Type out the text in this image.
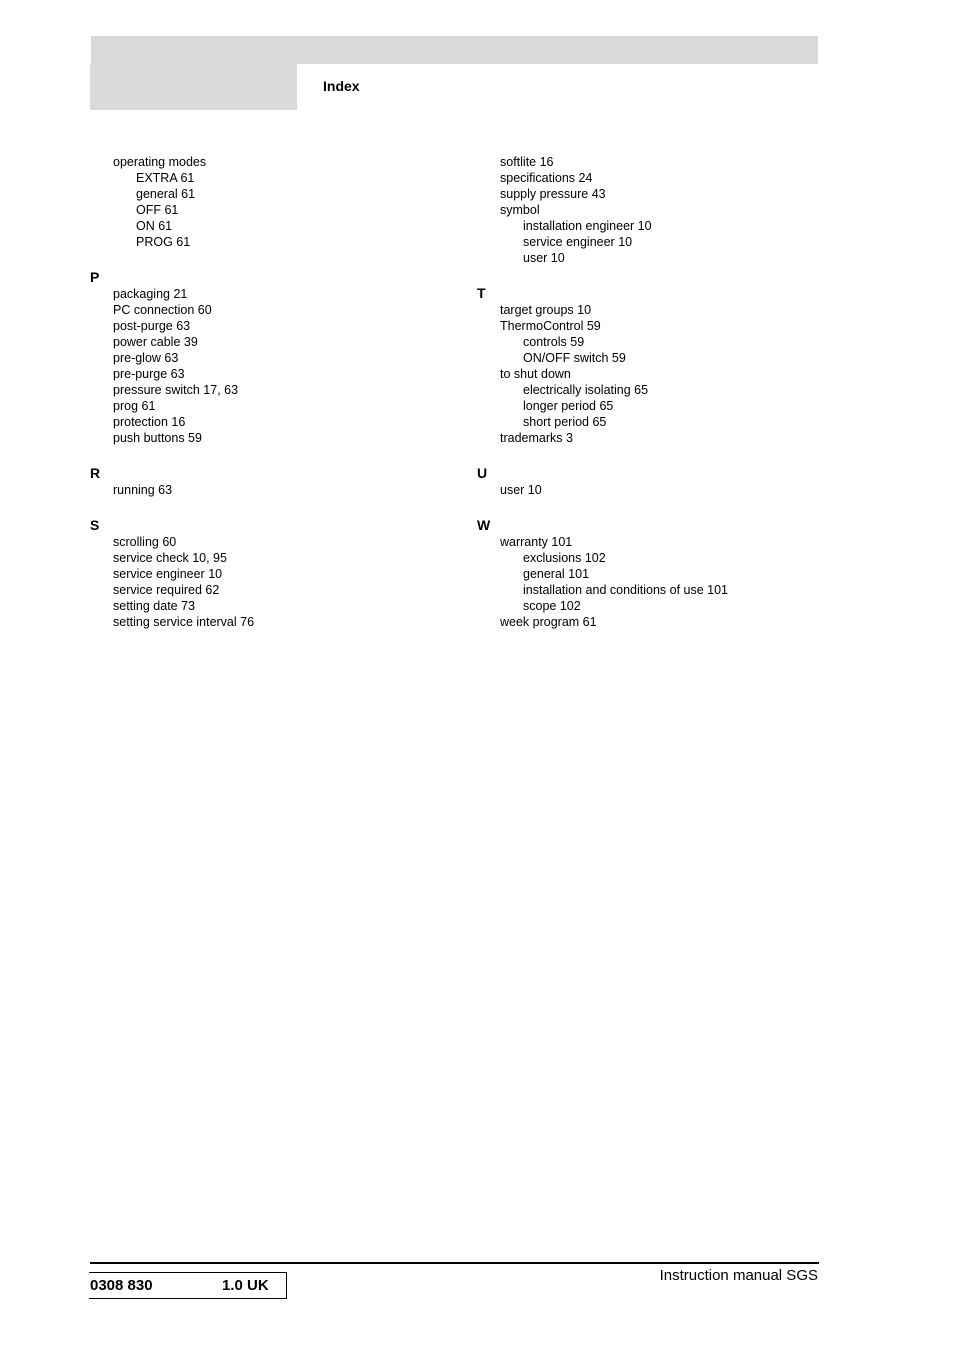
Index
operating modes
EXTRA 61
general 61
OFF 61
ON 61
PROG 61
P
packaging 21
PC connection 60
post-purge 63
power cable 39
pre-glow 63
pre-purge 63
pressure switch 17, 63
prog 61
protection 16
push buttons 59
R
running 63
S
scrolling 60
service check 10, 95
service engineer 10
service required 62
setting date 73
setting service interval 76
softlite 16
specifications 24
supply pressure 43
symbol
installation engineer 10
service engineer 10
user 10
T
target groups 10
ThermoControl 59
controls 59
ON/OFF switch 59
to shut down
electrically isolating 65
longer period 65
short period 65
trademarks 3
U
user 10
W
warranty 101
exclusions 102
general 101
installation and conditions of use 101
scope 102
week program 61
0308 830	1.0 UK
Instruction manual SGS
